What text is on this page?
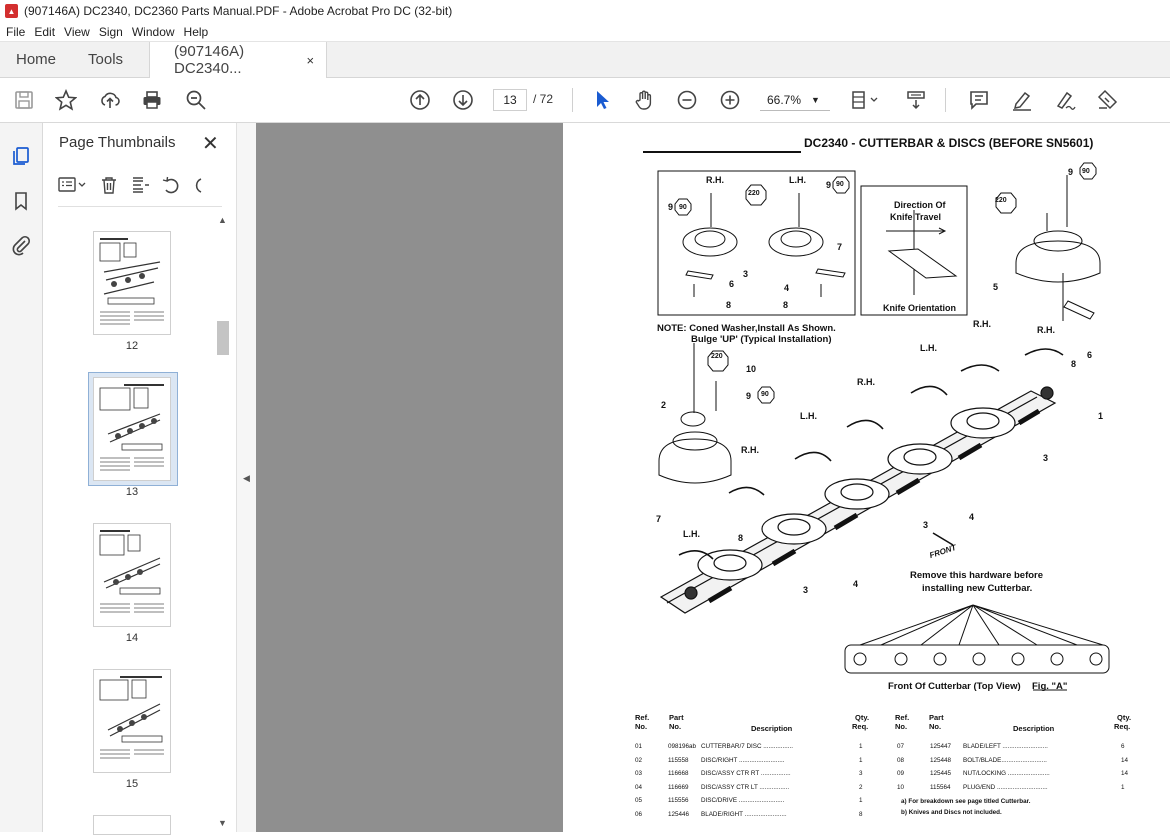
▲ (907146A) DC2340, DC2360 Parts Manual.PDF - Adobe Acrobat Pro DC (32-bit)
File Edit View Sign Window Help
Home	Tools	(907146A) DC2340...	×
13	/ 72	66.7% ▼
Page Thumbnails ✕
12
13
14
15
▲
▼
◀
DC2340 - CUTTERBAR & DISCS (BEFORE SN5601)
R.H.	L.H.
220
9 90
9 90
3
6	4
7
8	8
Direction Of
Knife Travel
Knife Orientation
220
9 90
5
6
8
R.H.
R.H.
L.H.
R.H.
L.H.
R.H.
L.H.
1
3
4
3
4
3
NOTE: Coned Washer,Install As Shown.
Bulge 'UP' (Typical Installation)
220
10
9 90
2
7
8
FRONT
Remove this hardware before
installing new Cutterbar.
Front Of Cutterbar (Top View) Fig. "A"
Ref.
No.
Part
No.	Description
Qty.
Req.
Ref.
No.
Part
No.	Description
Qty.
Req.
01	098196ab CUTTERBAR/7 DISC .................	1
02	115558 DISC/RIGHT ..........................	1
03	116668 DISC/ASSY CTR RT .................	3
04	116669 DISC/ASSY CTR LT .................	2
05	115556 DISC/DRIVE ..........................	1
06	125446 BLADE/RIGHT ........................	8
07	125447 BLADE/LEFT ..........................	6
08	125448 BOLT/BLADE..........................	14
09	125445 NUT/LOCKING ........................	14
10	115564 PLUG/END .............................	1
a) For breakdown see page titled Cutterbar.
b) Knives and Discs not included.
